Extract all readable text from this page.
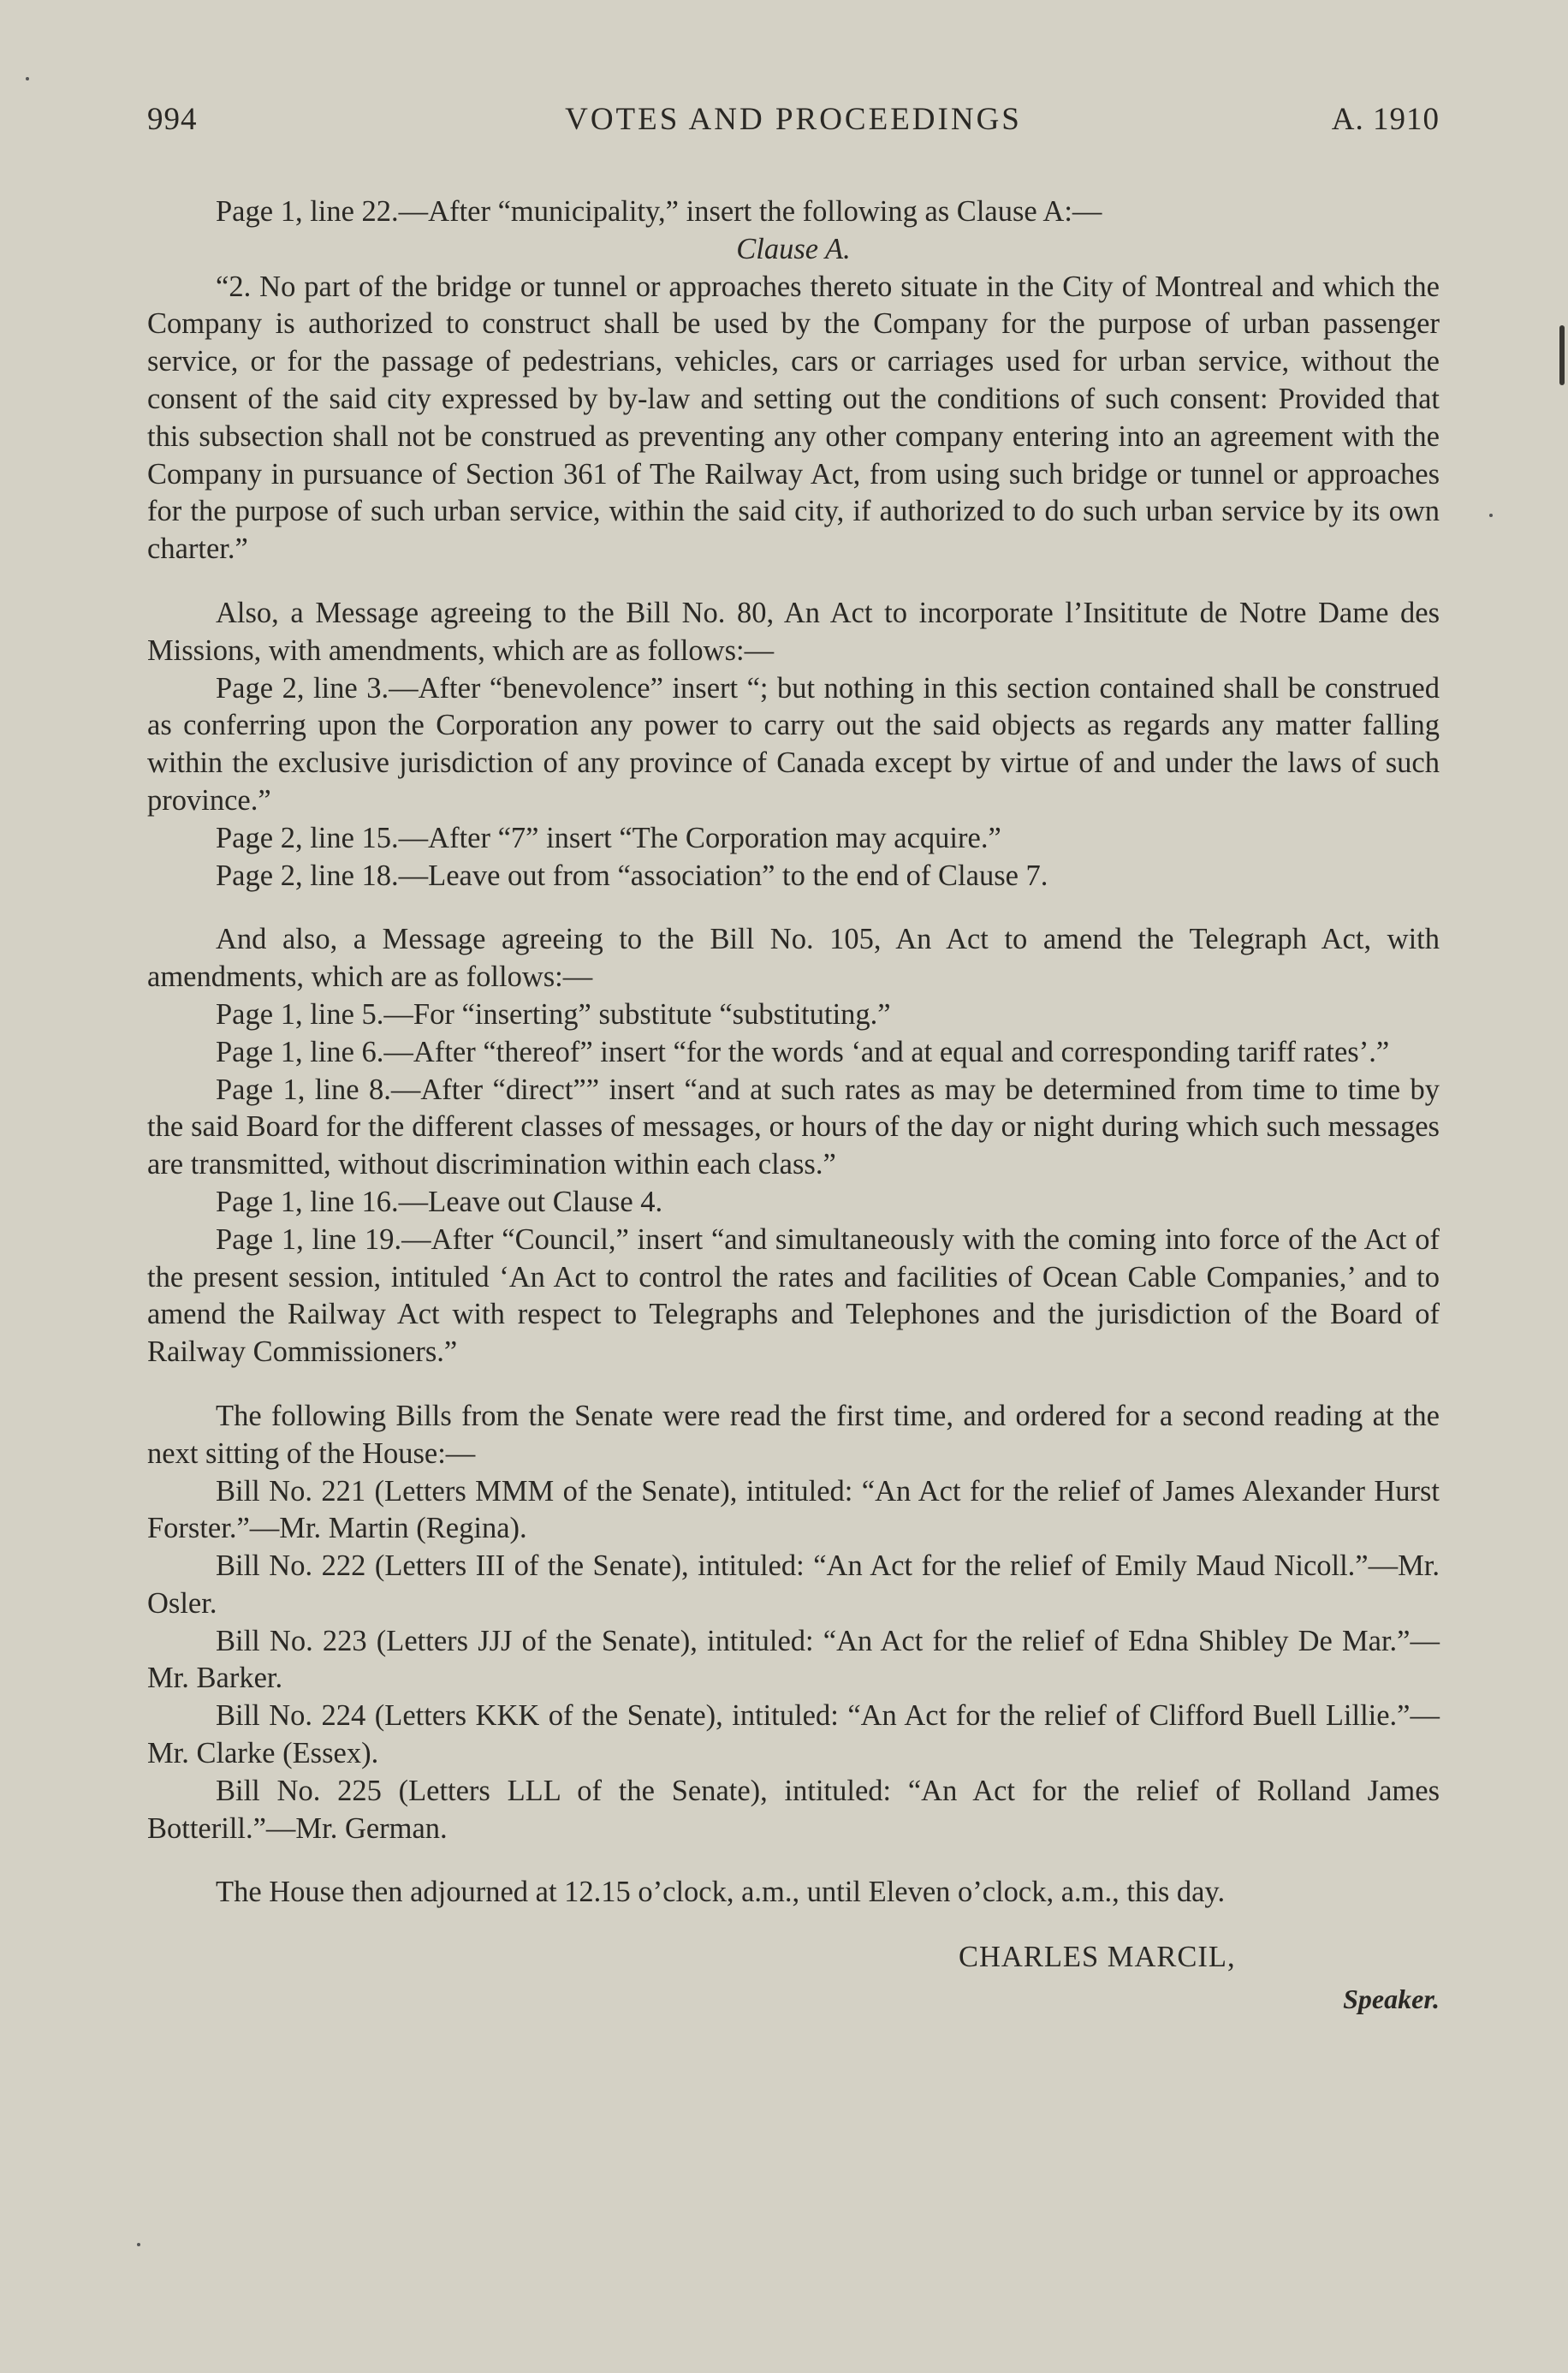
994	VOTES AND PROCEEDINGS	A. 1910

Page 1, line 22.—After “municipality,” insert the following as Clause A:—

Clause A.

“2. No part of the bridge or tunnel or approaches thereto situate in the City of Montreal and which the Company is authorized to construct shall be used by the Company for the purpose of urban passenger service, or for the passage of pedestrians, vehicles, cars or carriages used for urban service, without the consent of the said city expressed by by-law and setting out the conditions of such consent: Provided that this subsection shall not be construed as preventing any other company entering into an agreement with the Company in pursuance of Section 361 of The Railway Act, from using such bridge or tunnel or approaches for the purpose of such urban service, within the said city, if authorized to do such urban service by its own charter.”

Also, a Message agreeing to the Bill No. 80, An Act to incorporate l’Insititute de Notre Dame des Missions, with amendments, which are as follows:—

Page 2, line 3.—After “benevolence” insert “; but nothing in this section contained shall be construed as conferring upon the Corporation any power to carry out the said objects as regards any matter falling within the exclusive jurisdiction of any province of Canada except by virtue of and under the laws of such province.”

Page 2, line 15.—After “7” insert “The Corporation may acquire.”

Page 2, line 18.—Leave out from “association” to the end of Clause 7.

And also, a Message agreeing to the Bill No. 105, An Act to amend the Telegraph Act, with amendments, which are as follows:—

Page 1, line 5.—For “inserting” substitute “substituting.”

Page 1, line 6.—After “thereof” insert “for the words ‘and at equal and corresponding tariff rates’.”

Page 1, line 8.—After “direct”” insert “and at such rates as may be determined from time to time by the said Board for the different classes of messages, or hours of the day or night during which such messages are transmitted, without discrimination within each class.”

Page 1, line 16.—Leave out Clause 4.

Page 1, line 19.—After “Council,” insert “and simultaneously with the coming into force of the Act of the present session, intituled ‘An Act to control the rates and facilities of Ocean Cable Companies,’ and to amend the Railway Act with respect to Telegraphs and Telephones and the jurisdiction of the Board of Railway Commissioners.”

The following Bills from the Senate were read the first time, and ordered for a second reading at the next sitting of the House:—

Bill No. 221 (Letters MMM of the Senate), intituled: “An Act for the relief of James Alexander Hurst Forster.”—Mr. Martin (Regina).

Bill No. 222 (Letters III of the Senate), intituled: “An Act for the relief of Emily Maud Nicoll.”—Mr. Osler.

Bill No. 223 (Letters JJJ of the Senate), intituled: “An Act for the relief of Edna Shibley De Mar.”—Mr. Barker.

Bill No. 224 (Letters KKK of the Senate), intituled: “An Act for the relief of Clifford Buell Lillie.”—Mr. Clarke (Essex).

Bill No. 225 (Letters LLL of the Senate), intituled: “An Act for the relief of Rolland James Botterill.”—Mr. German.

The House then adjourned at 12.15 o’clock, a.m., until Eleven o’clock, a.m., this day.

CHARLES MARCIL,
Speaker.
